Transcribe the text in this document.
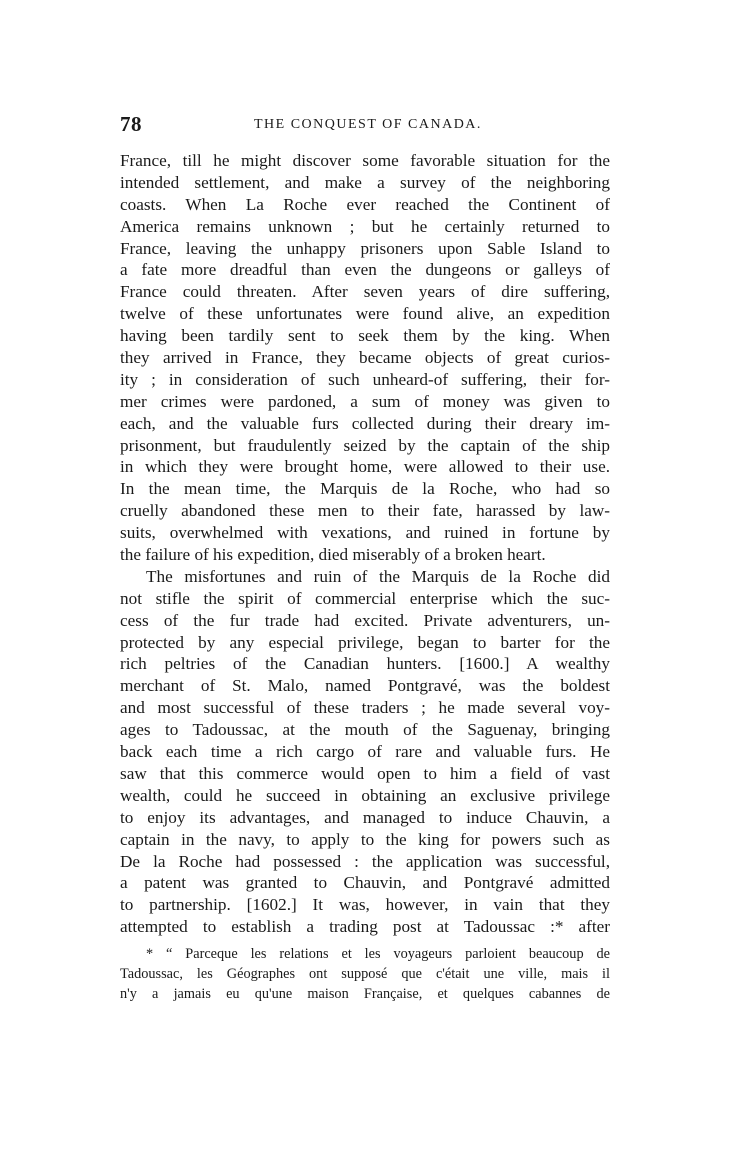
78	THE CONQUEST OF CANADA.
France, till he might discover some favorable situation for the
intended settlement, and make a survey of the neighboring
coasts. When La Roche ever reached the Continent of
America remains unknown ; but he certainly returned to
France, leaving the unhappy prisoners upon Sable Island to
a fate more dreadful than even the dungeons or galleys of
France could threaten. After seven years of dire suffering,
twelve of these unfortunates were found alive, an expedition
having been tardily sent to seek them by the king. When
they arrived in France, they became objects of great curios-
ity ; in consideration of such unheard-of suffering, their for-
mer crimes were pardoned, a sum of money was given to
each, and the valuable furs collected during their dreary im-
prisonment, but fraudulently seized by the captain of the ship
in which they were brought home, were allowed to their use.
In the mean time, the Marquis de la Roche, who had so
cruelly abandoned these men to their fate, harassed by law-
suits, overwhelmed with vexations, and ruined in fortune by
the failure of his expedition, died miserably of a broken heart.
The misfortunes and ruin of the Marquis de la Roche did
not stifle the spirit of commercial enterprise which the suc-
cess of the fur trade had excited. Private adventurers, un-
protected by any especial privilege, began to barter for the
rich peltries of the Canadian hunters. [1600.] A wealthy
merchant of St. Malo, named Pontgravé, was the boldest
and most successful of these traders ; he made several voy-
ages to Tadoussac, at the mouth of the Saguenay, bringing
back each time a rich cargo of rare and valuable furs. He
saw that this commerce would open to him a field of vast
wealth, could he succeed in obtaining an exclusive privilege
to enjoy its advantages, and managed to induce Chauvin, a
captain in the navy, to apply to the king for powers such as
De la Roche had possessed : the application was successful,
a patent was granted to Chauvin, and Pontgravé admitted
to partnership. [1602.] It was, however, in vain that they
attempted to establish a trading post at Tadoussac :* after
* “ Parceque les relations et les voyageurs parloient beaucoup de
Tadoussac, les Géographes ont supposé que c'était une ville, mais il
n'y a jamais eu qu'une maison Française, et quelques cabannes de
